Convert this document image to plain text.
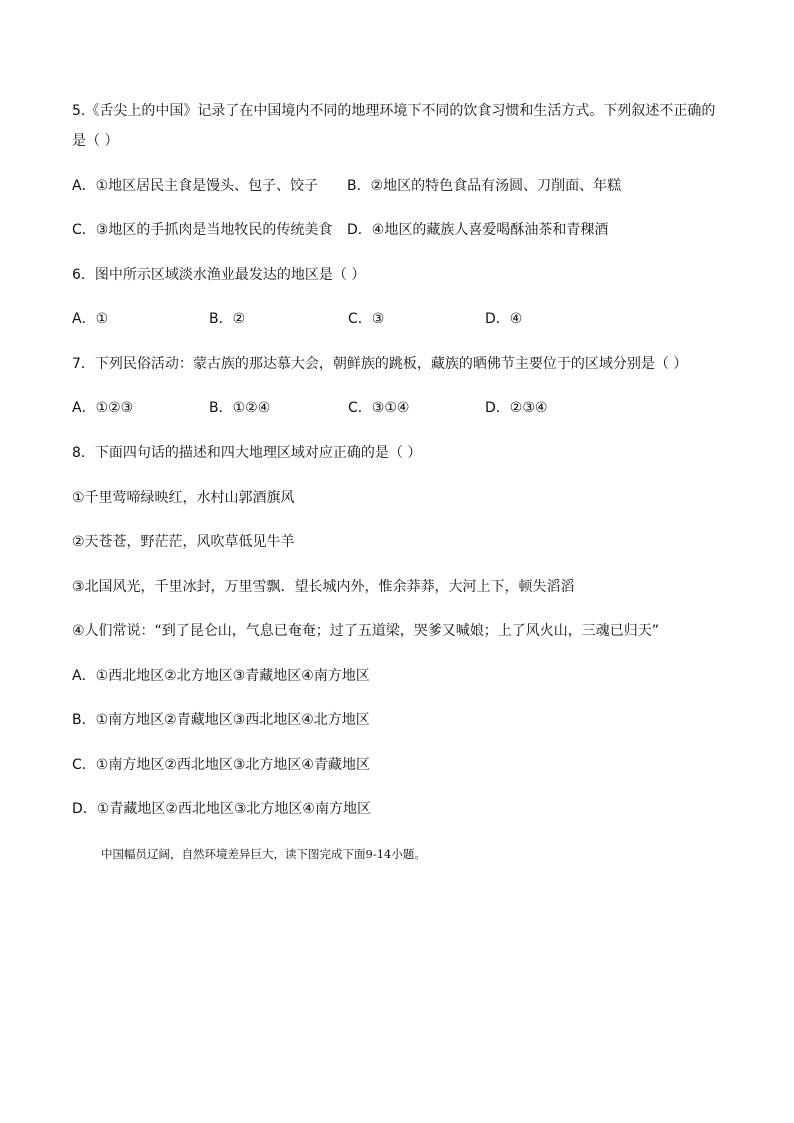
5.《舌尖上的中国》记录了在中国境内不同的地理环境下不同的饮食习惯和生活方式。下列叙述不正确的
是（ ）
A．①地区居民主食是馒头、包子、饺子 B．②地区的特色食品有汤圆、刀削面、年糕
C．③地区的手抓肉是当地牧民的传统美食 D．④地区的藏族人喜爱喝酥油茶和青稞酒
6．图中所示区域淡水渔业最发达的地区是（ ）
A．①	B．②	C．③	D．④
7．下列民俗活动：蒙古族的那达慕大会，朝鲜族的跳板，藏族的晒佛节主要位于的区域分别是（ ）
A．①②③	B．①②④	C．③①④	D．②③④
8．下面四句话的描述和四大地理区域对应正确的是（ ）
①千里莺啼绿映红，水村山郭酒旗风
②天苍苍，野茫茫，风吹草低见牛羊
③北国风光，千里冰封，万里雪飘．望长城内外，惟余莽莽，大河上下，顿失滔滔
④人们常说：“到了昆仑山，气息已奄奄；过了五道梁，哭爹又喊娘；上了风火山，三魂已归天”
A．①西北地区②北方地区③青藏地区④南方地区
B．①南方地区②青藏地区③西北地区④北方地区
C．①南方地区②西北地区③北方地区④青藏地区
D．①青藏地区②西北地区③北方地区④南方地区
中国幅员辽阔，自然环境差异巨大，读下图完成下面9-14小题。
